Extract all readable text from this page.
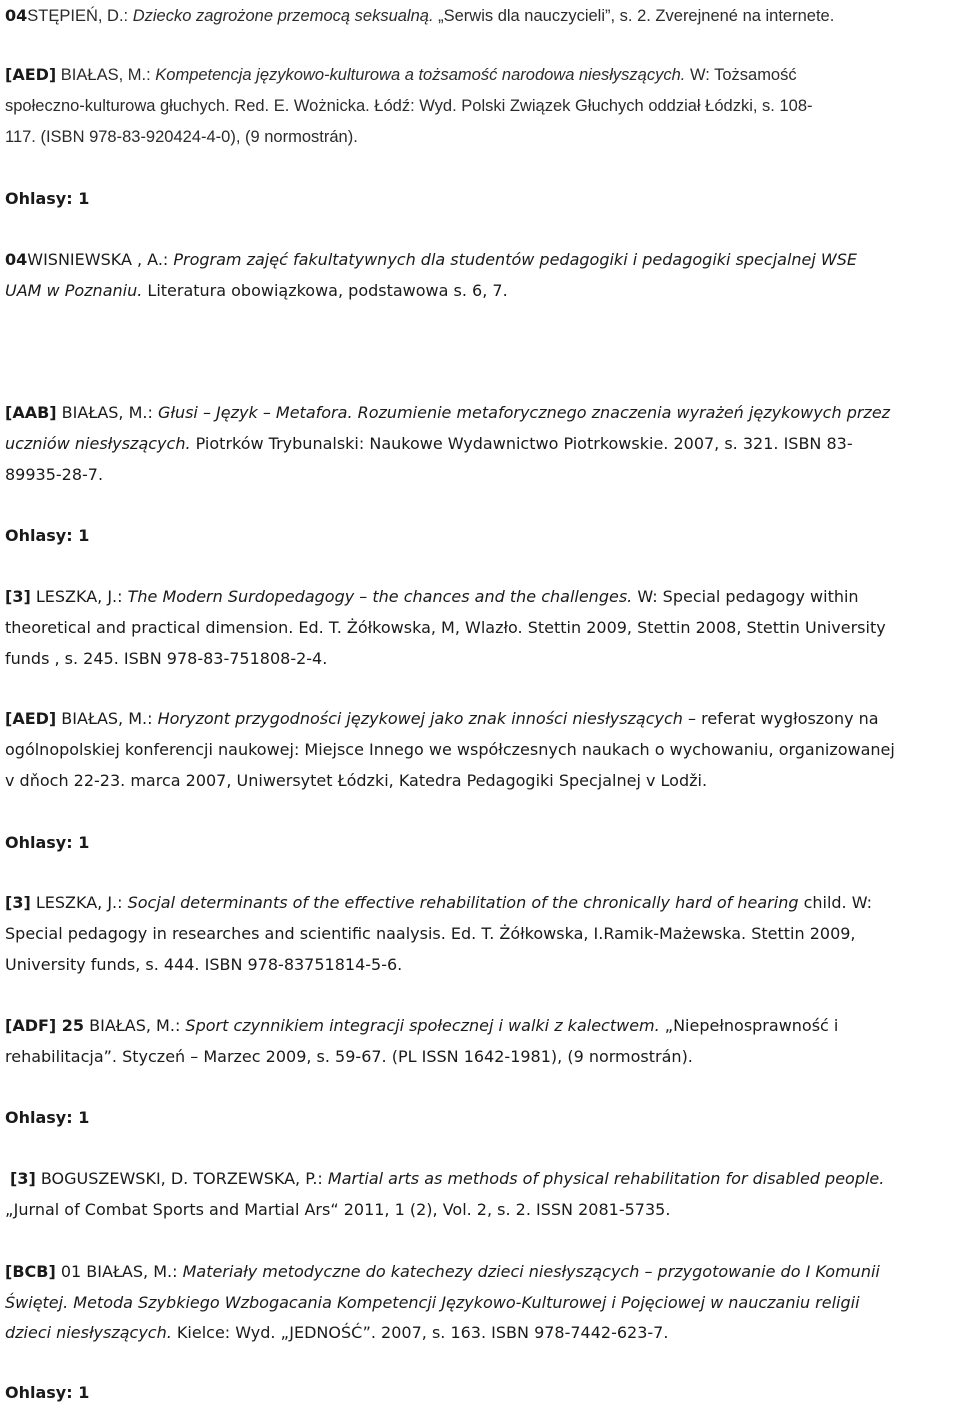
04STĘPIEŃ, D.: Dziecko zagrożone przemocą seksualną. „Serwis dla nauczycieli”, s. 2. Zverejnené na internete.
[AED] BIAŁAS, M.: Kompetencja językowo-kulturowa a tożsamość narodowa niesłyszących. W: Tożsamość
społeczno-kulturowa głuchych. Red. E. Wożnicka. Łódź: Wyd. Polski Związek Głuchych oddział Łódzki, s. 108-
117. (ISBN 978-83-920424-4-0), (9 normostrán).
Ohlasy: 1
04WISNIEWSKA , A.: Program zajęć fakultatywnych dla studentów pedagogiki i pedagogiki specjalnej WSE
UAM w Poznaniu. Literatura obowiązkowa, podstawowa s. 6, 7.
[AAB] BIAŁAS, M.: Głusi – Język – Metafora. Rozumienie metaforycznego znaczenia wyrażeń językowych przez
uczniów niesłyszących. Piotrków Trybunalski: Naukowe Wydawnictwo Piotrkowskie. 2007, s. 321. ISBN 83-
89935-28-7.
Ohlasy: 1
[3] LESZKA, J.: The Modern Surdopedagogy – the chances and the challenges. W: Special pedagogy within
theoretical and practical dimension. Ed. T. Żółkowska, M, Wlazło. Stettin 2009, Stettin 2008, Stettin University
funds , s. 245. ISBN 978-83-751808-2-4.
[AED] BIAŁAS, M.: Horyzont przygodności językowej jako znak inności niesłyszących – referat wygłoszony na
ogólnopolskiej konferencji naukowej: Miejsce Innego we współczesnych naukach o wychowaniu, organizowanej
v dňoch 22-23. marca 2007, Uniwersytet Łódzki, Katedra Pedagogiki Specjalnej v Lodži.
Ohlasy: 1
[3] LESZKA, J.: Socjal determinants of the effective rehabilitation of the chronically hard of hearing child. W:
Special pedagogy in researches and scientific naalysis. Ed. T. Żółkowska, I.Ramik-Mażewska. Stettin 2009,
University funds, s. 444. ISBN 978-83751814-5-6.
[ADF] 25 BIAŁAS, M.: Sport czynnikiem integracji społecznej i walki z kalectwem. „Niepełnosprawność i
rehabilitacja”. Styczeń – Marzec 2009, s. 59-67. (PL ISSN 1642-1981), (9 normostrán).
Ohlasy: 1
[3] BOGUSZEWSKI, D. TORZEWSKA, P.: Martial arts as methods of physical rehabilitation for disabled people.
„Jurnal of Combat Sports and Martial Ars“ 2011, 1 (2), Vol. 2, s. 2. ISSN 2081-5735.
[BCB] 01 BIAŁAS, M.: Materiały metodyczne do katechezy dzieci niesłyszących – przygotowanie do I Komunii
Świętej. Metoda Szybkiego Wzbogacania Kompetencji Językowo-Kulturowej i Pojęciowej w nauczaniu religii
dzieci niesłyszących. Kielce: Wyd. „JEDNOŚĆ”. 2007, s. 163. ISBN 978-7442-623-7.
Ohlasy: 1
